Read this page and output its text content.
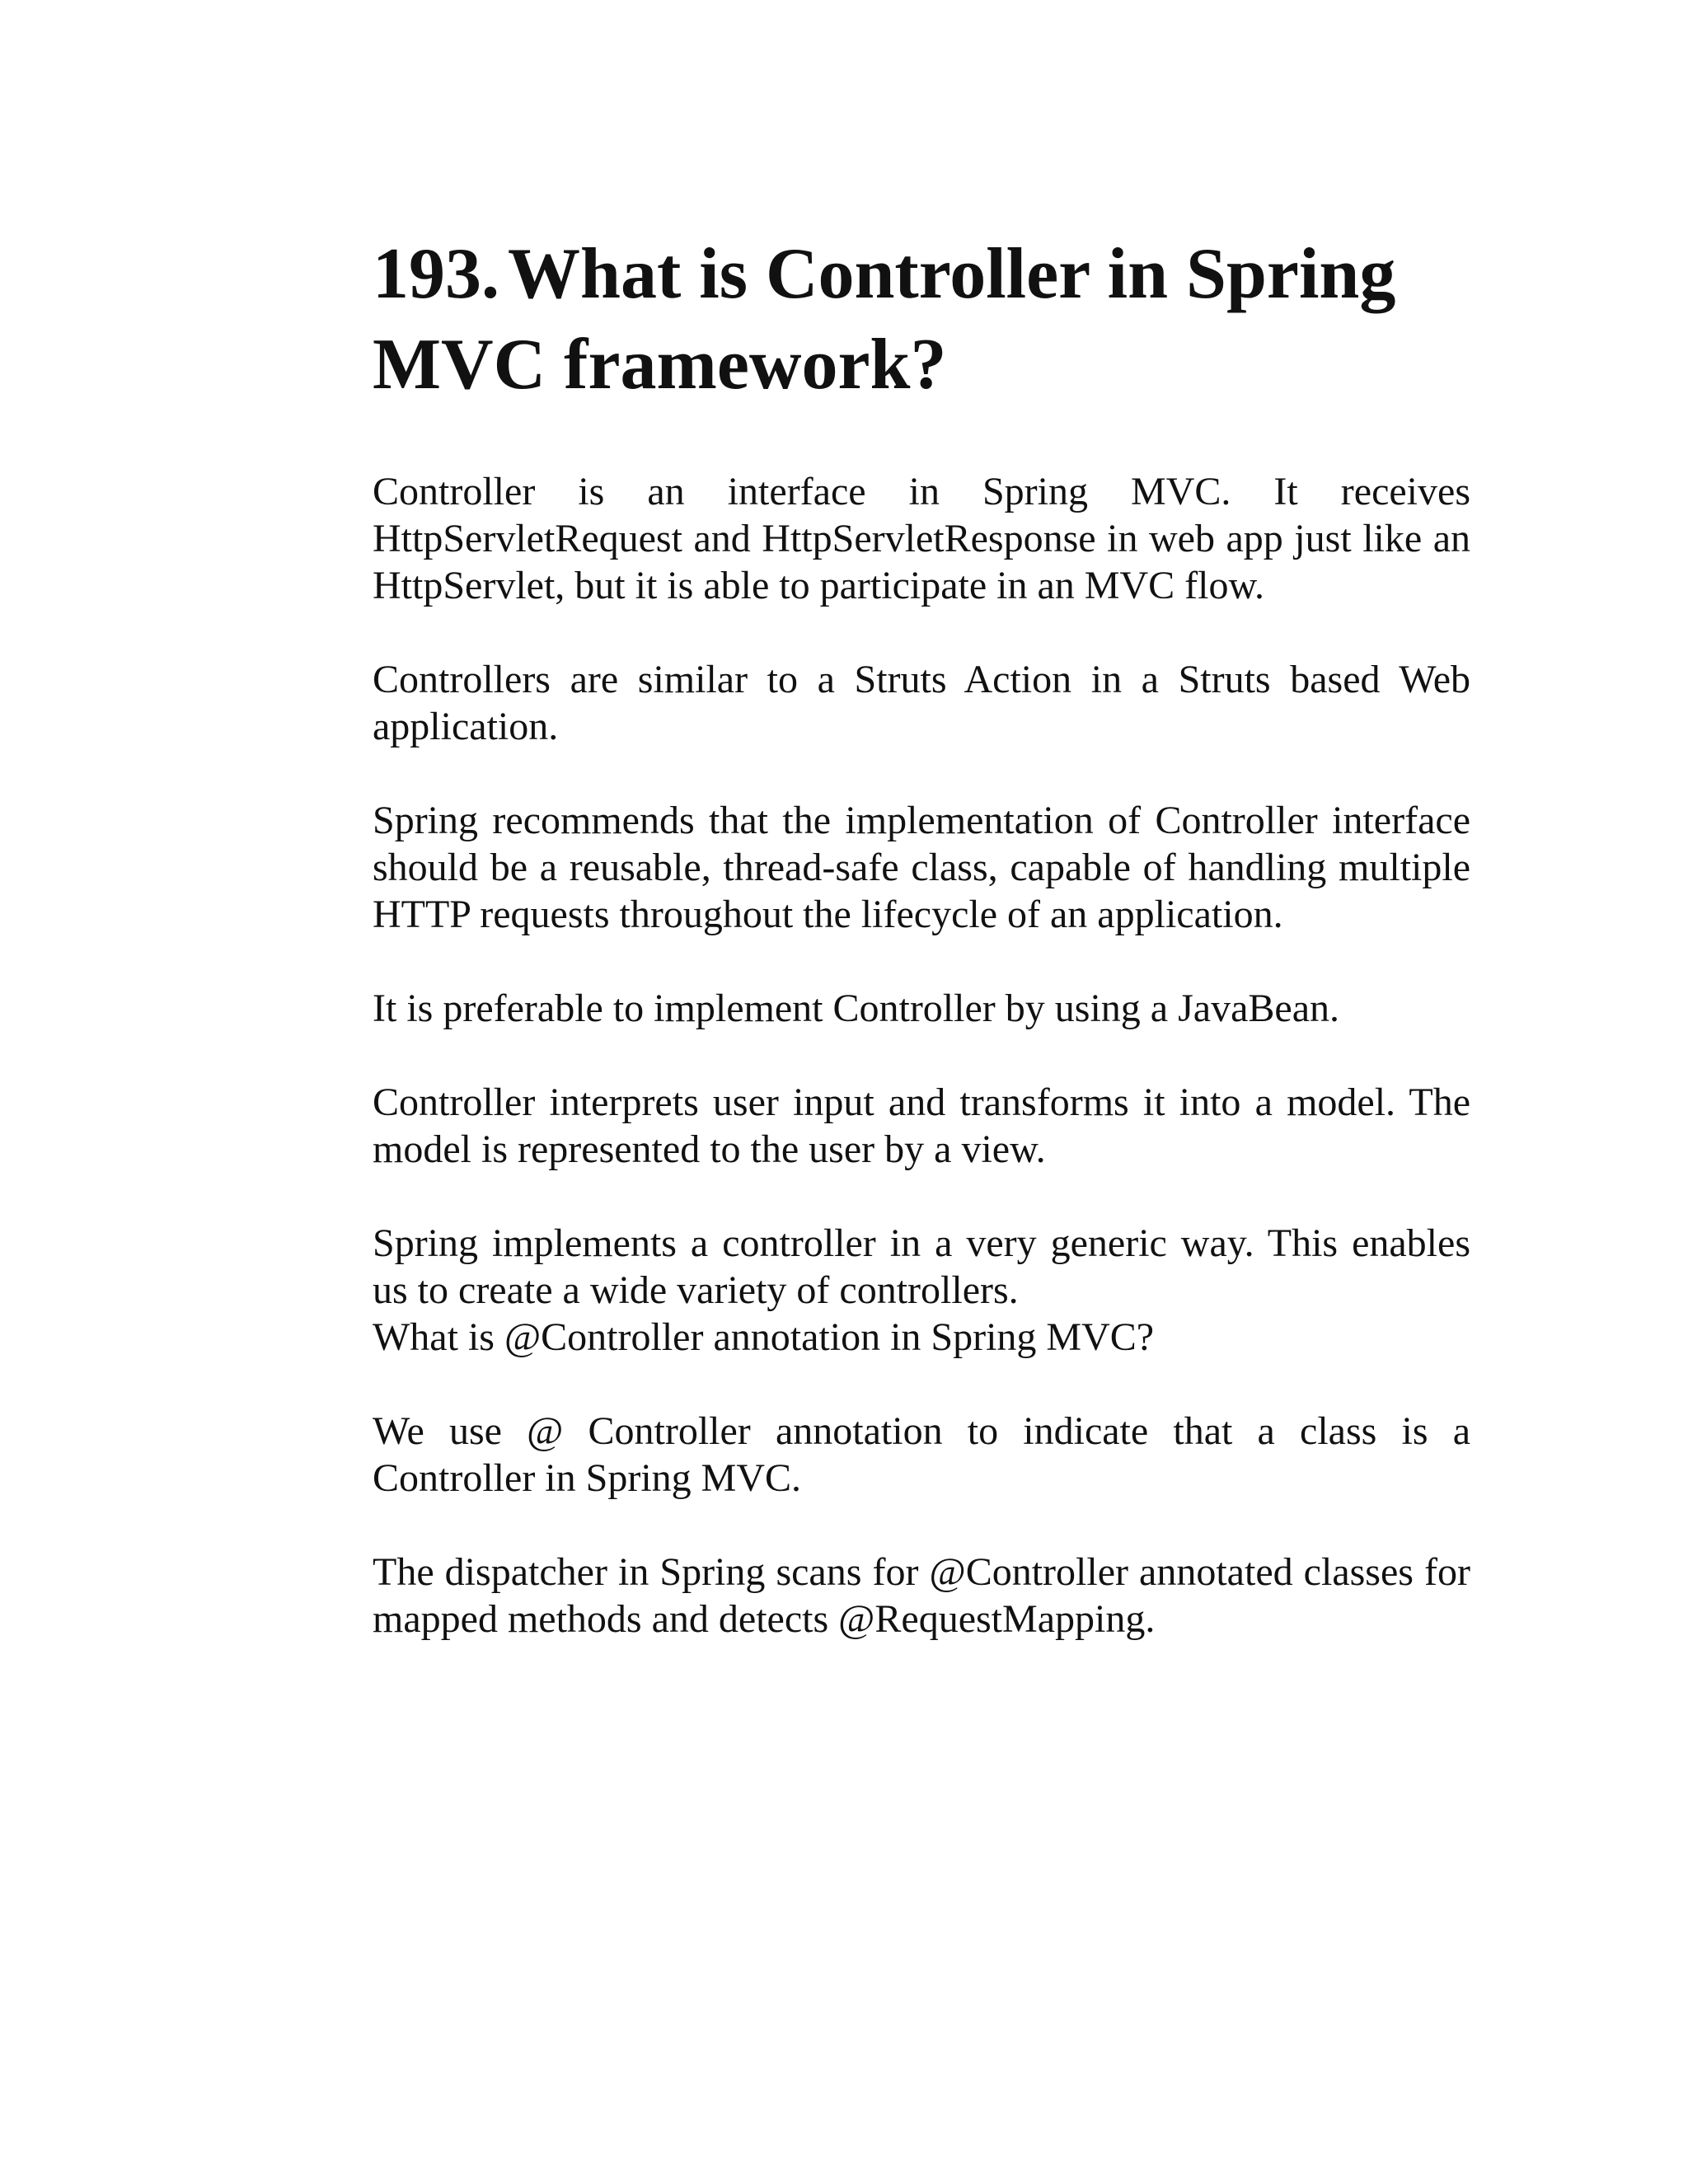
193. What is Controller in Spring MVC framework?

Controller is an interface in Spring MVC. It receives HttpServletRequest and HttpServletResponse in web app just like an HttpServlet, but it is able to participate in an MVC flow.

Controllers are similar to a Struts Action in a Struts based Web application.

Spring recommends that the implementation of Controller interface should be a reusable, thread-safe class, capable of handling multiple HTTP requests throughout the lifecycle of an application.

It is preferable to implement Controller by using a JavaBean.

Controller interprets user input and transforms it into a model. The model is represented to the user by a view.

Spring implements a controller in a very generic way. This enables us to create a wide variety of controllers.

What is @Controller annotation in Spring MVC?

We use @ Controller annotation to indicate that a class is a Controller in Spring MVC.

The dispatcher in Spring scans for @Controller annotated classes for mapped methods and detects @RequestMapping.
